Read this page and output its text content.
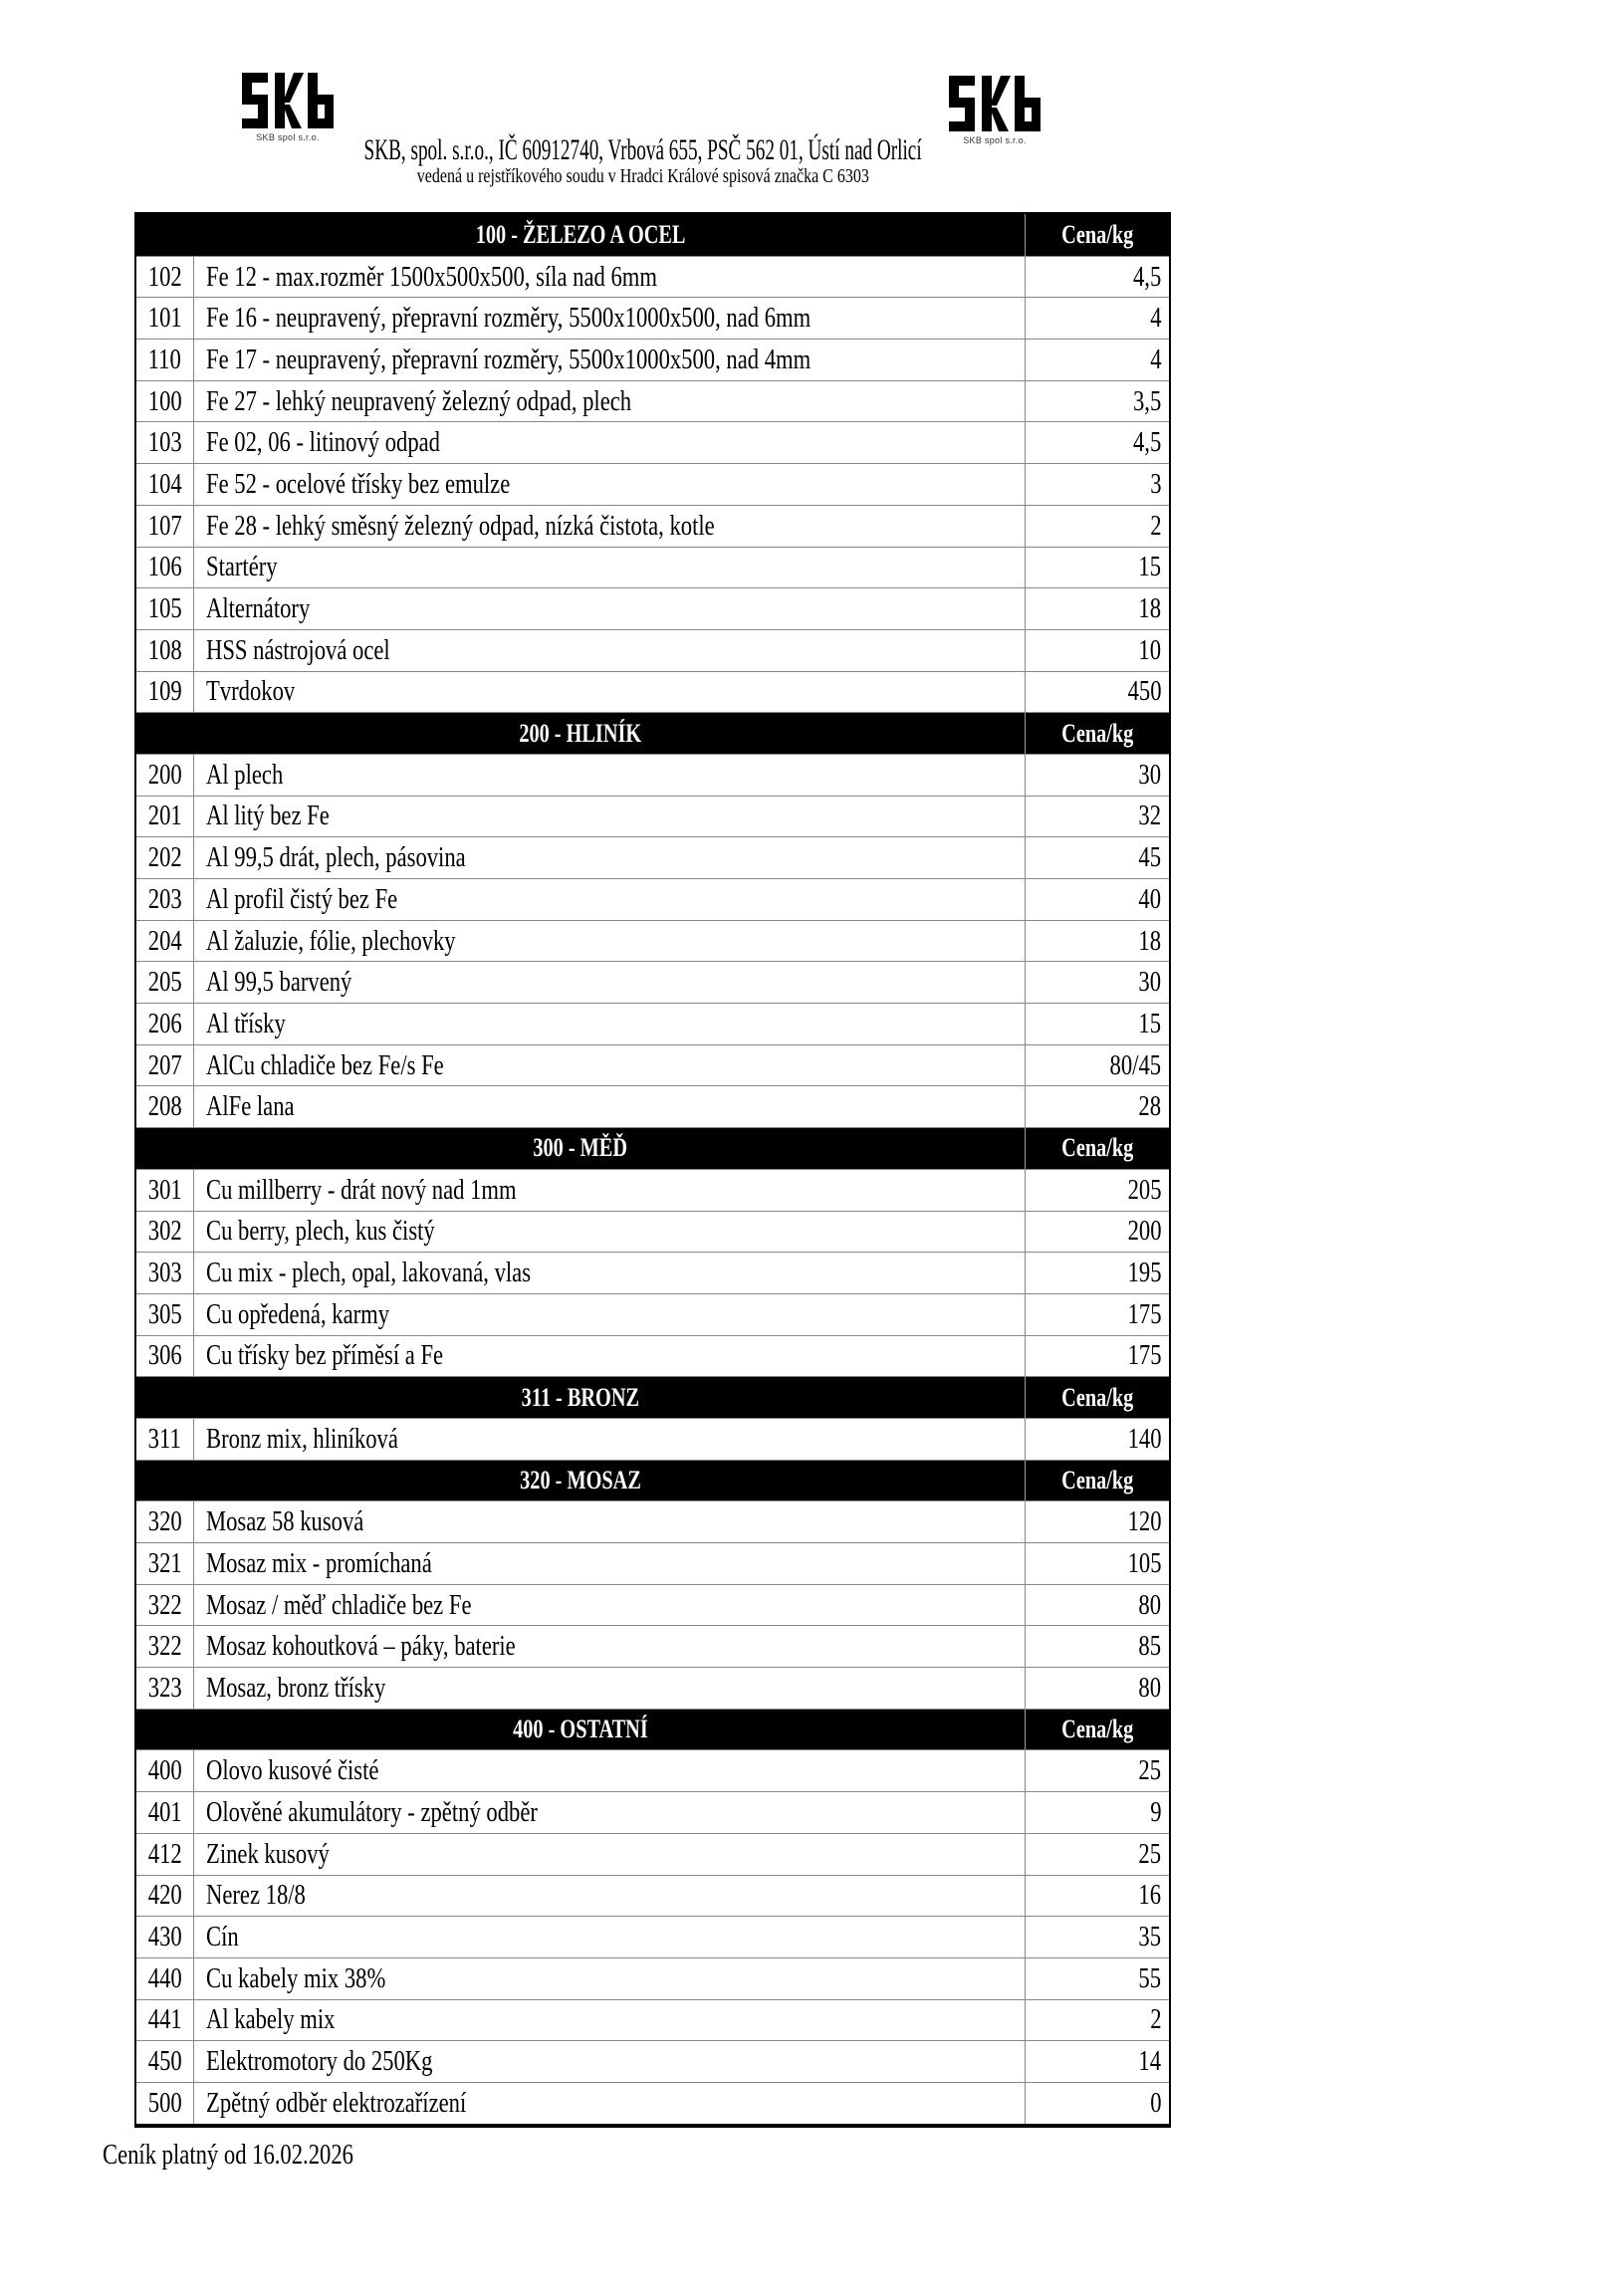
SKB spol s.r.o.	SKB spol s.r.o.
SKB, spol. s.r.o., IČ 60912740, Vrbová 655, PSČ 562 01, Ústí nad Orlicí
vedená u rejstříkového soudu v Hradci Králové spisová značka C 6303
100 - ŽELEZO A OCEL	Cena/kg
102 Fe 12 - max.rozměr 1500x500x500, síla nad 6mm	4,5
101 Fe 16 - neupravený, přepravní rozměry, 5500x1000x500, nad 6mm	4
110 Fe 17 - neupravený, přepravní rozměry, 5500x1000x500, nad 4mm	4
100 Fe 27 - lehký neupravený železný odpad, plech	3,5
103 Fe 02, 06 - litinový odpad	4,5
104 Fe 52 - ocelové třísky bez emulze	3
107 Fe 28 - lehký směsný železný odpad, nízká čistota, kotle	2
106 Startéry	15
105 Alternátory	18
108 HSS nástrojová ocel	10
109 Tvrdokov	450
200 - HLINÍK	Cena/kg
200 Al plech	30
201 Al litý bez Fe	32
202 Al 99,5 drát, plech, pásovina	45
203 Al profil čistý bez Fe	40
204 Al žaluzie, fólie, plechovky	18
205 Al 99,5 barvený	30
206 Al třísky	15
207 AlCu chladiče bez Fe/s Fe	80/45
208 AlFe lana	28
300 - MĚĎ	Cena/kg
301 Cu millberry - drát nový nad 1mm	205
302 Cu berry, plech, kus čistý	200
303 Cu mix - plech, opal, lakovaná, vlas	195
305 Cu opředená, karmy	175
306 Cu třísky bez příměsí a Fe	175
311 - BRONZ	Cena/kg
311 Bronz mix, hliníková	140
320 - MOSAZ	Cena/kg
320 Mosaz 58 kusová	120
321 Mosaz mix - promíchaná	105
322 Mosaz / měď chladiče bez Fe	80
322 Mosaz kohoutková – páky, baterie	85
323 Mosaz, bronz třísky	80
400 - OSTATNÍ	Cena/kg
400 Olovo kusové čisté	25
401 Olověné akumulátory - zpětný odběr	9
412 Zinek kusový	25
420 Nerez 18/8	16
430 Cín	35
440 Cu kabely mix 38%	55
441 Al kabely mix	2
450 Elektromotory do 250Kg	14
500 Zpětný odběr elektrozařízení	0
Ceník platný od 16.02.2026
